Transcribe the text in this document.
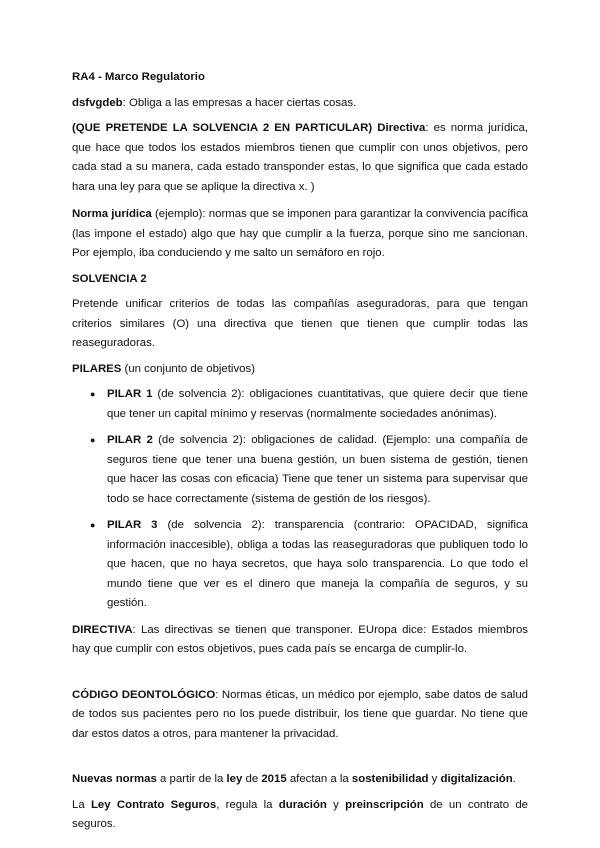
RA4 - Marco Regulatorio

dsfvgdeb: Obliga a las empresas a hacer ciertas cosas.

(QUE PRETENDE LA SOLVENCIA 2 EN PARTICULAR) Directiva: es norma jurídica, que hace que todos los estados miembros tienen que cumplir con unos objetivos, pero cada stad a su manera, cada estado transponder estas, lo que significa que cada estado hara una ley para que se aplique la directiva x. )

Norma jurídica (ejemplo): normas que se imponen para garantizar la convivencia pacífica (las impone el estado) algo que hay que cumplir a la fuerza, porque sino me sancionan. Por ejemplo, iba conduciendo y me salto un semáforo en rojo.

SOLVENCIA 2

Pretende unificar criterios de todas las compañías aseguradoras, para que tengan criterios similares (O) una directiva que tienen que tienen que cumplir todas las reaseguradoras.

PILARES (un conjunto de objetivos)

● PILAR 1 (de solvencia 2): obligaciones cuantitativas, que quiere decir que tiene que tener un capital mínimo y reservas (normalmente sociedades anónimas).
● PILAR 2 (de solvencia 2): obligaciones de calidad. (Ejemplo: una compañía de seguros tiene que tener una buena gestión, un buen sistema de gestión, tienen que hacer las cosas con eficacia) Tiene que tener un sistema para supervisar que todo se hace correctamente (sistema de gestión de los riesgos).
● PILAR 3 (de solvencia 2): transparencia (contrario: OPACIDAD, significa información inaccesible), obliga a todas las reaseguradoras que publiquen todo lo que hacen, que no haya secretos, que haya solo transparencia. Lo que todo el mundo tiene que ver es el dinero que maneja la compañía de seguros, y su gestión.

DIRECTIVA: Las directivas se tienen que transponer. EUropa dice: Estados miembros hay que cumplir con estos objetivos, pues cada país se encarga de cumplir-lo.

CÓDIGO DEONTOLÓGICO: Normas éticas, un médico por ejemplo, sabe datos de salud de todos sus pacientes pero no los puede distribuir, los tiene que guardar. No tiene que dar estos datos a otros, para mantener la privacidad.

Nuevas normas a partir de la ley de 2015 afectan a la sostenibilidad y digitalización.

La Ley Contrato Seguros, regula la duración y preinscripción de un contrato de seguros.
